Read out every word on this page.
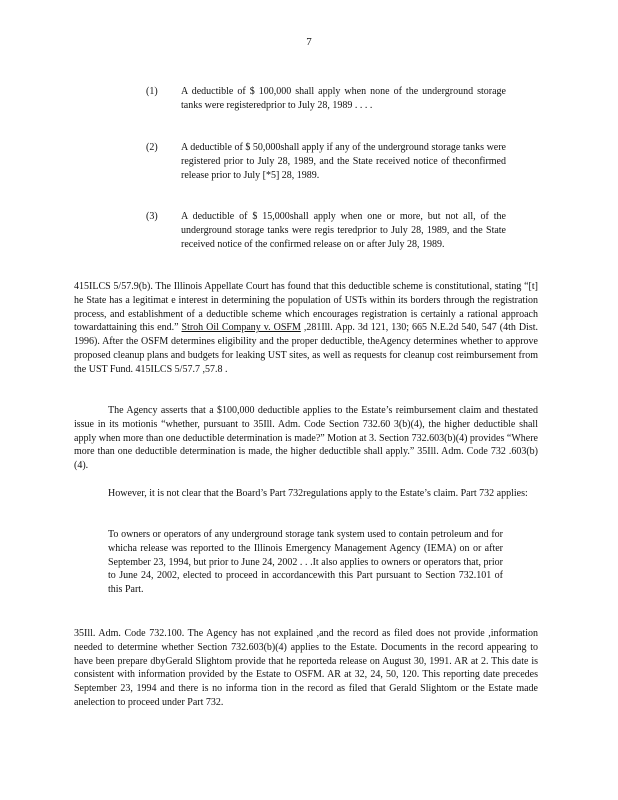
7
(1) A deductible of $ 100,000 shall apply when none of the underground storage tanks were registeredprior to July 28, 1989 . . . .
(2) A deductible of $ 50,000shall apply if any of the underground storage tanks were registered prior to July 28, 1989, and the State received notice of theconfirmed release prior to July [*5] 28, 1989.
(3) A deductible of $ 15,000shall apply when one or more, but not all, of the underground storage tanks were regis teredprior to July 28, 1989, and the State received notice of the confirmed release on or after July 28, 1989.
415ILCS 5/57.9(b). The Illinois Appellate Court has found that this deductible scheme is constitutional, stating “[t] he State has a legitimat e interest in determining the population of USTs within its borders through the registration process, and establishment of a deductible scheme which encourages registration is certainly a rational approach towardattaining this end.” Stroh Oil Company v. OSFM ,281Ill. App. 3d 121, 130; 665 N.E.2d 540, 547 (4th Dist. 1996). After the OSFM determines eligibility and the proper deductible, theAgency determines whether to approve proposed cleanup plans and budgets for leaking UST sites, as well as requests for cleanup cost reimbursement from the UST Fund. 415ILCS 5/57.7 ,57.8 .
The Agency asserts that a $100,000 deductible applies to the Estate’s reimbursement claim and thestated issue in its motionis “whether, pursuant to 35Ill. Adm. Code Section 732.60 3(b)(4), the higher deductible shall apply when more than one deductible determination is made?” Motion at 3. Section 732.603(b)(4) provides “Where more than one deductible determination is made, the higher deductible shall apply.” 35Ill. Adm. Code 732 .603(b)(4).
However, it is not clear that the Board’s Part 732regulations apply to the Estate’s claim. Part 732 applies:
To owners or operators of any underground storage tank system used to contain petroleum and for whicha release was reported to the Illinois Emergency Management Agency (IEMA) on or after September 23, 1994, but prior to June 24, 2002 . . .It also applies to owners or operators that, prior to June 24, 2002, elected to proceed in accordancewith this Part pursuant to Section 732.101 of this Part.
35Ill. Adm. Code 732.100. The Agency has not explained ,and the record as filed does not provide ,information needed to determine whether Section 732.603(b)(4) applies to the Estate. Documents in the record appearing to have been prepare dbyGerald Slightom provide that he reporteda release on August 30, 1991. AR at 2. This date is consistent with information provided by the Estate to OSFM. AR at 32, 24, 50, 120. This reporting date precedes September 23, 1994 and there is no informa tion in the record as filed that Gerald Slightom or the Estate made anelection to proceed under Part 732.
